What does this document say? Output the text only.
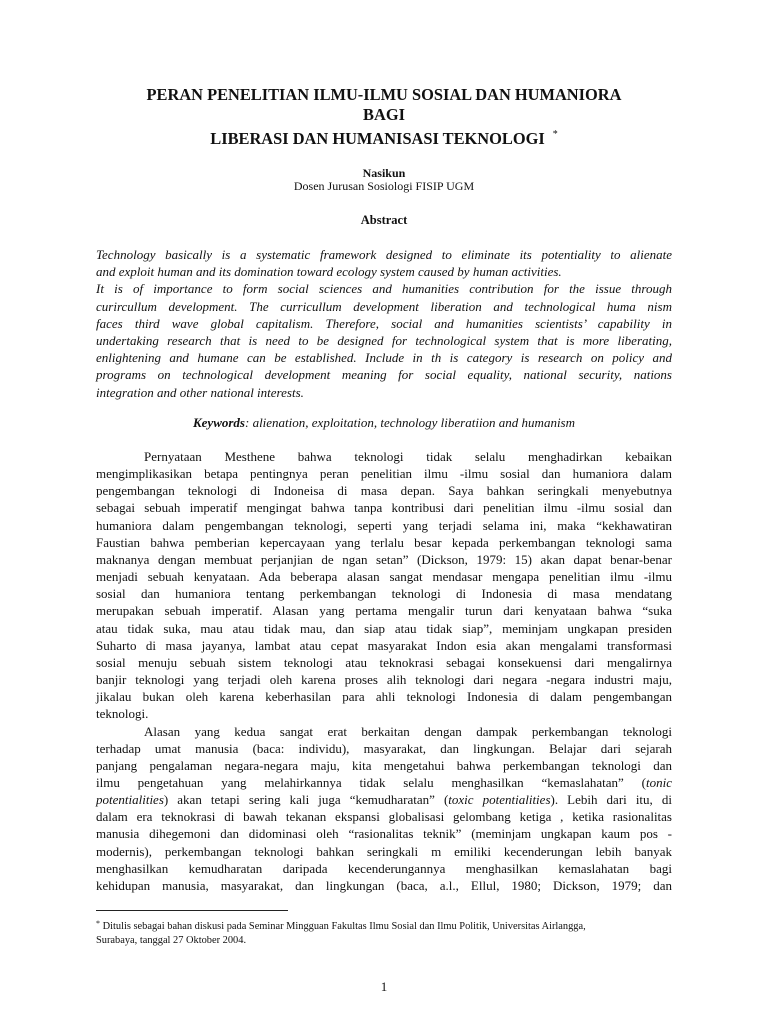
PERAN PENELITIAN ILMU-ILMU SOSIAL DAN HUMANIORA
BAGI
LIBERASI DAN HUMANISASI TEKNOLOGI *
Nasikun
Dosen Jurusan Sosiologi FISIP UGM
Abstract
Technology basically is a systematic framework designed to eliminate its potentiality to alienate
and exploit human and its domination toward ecology system caused by human activities.
It is of importance to form social sciences and humanities contribution for the issue through
curircullum development. The curricullum development liberation and technological huma nism
faces third wave global capitalism. Therefore, social and humanities scientists’ capability in
undertaking research that is need to be designed for technological system that is more liberating,
enlightening and humane can be established. Include in th is category is research on policy and
programs on technological development meaning for social equality, national security, nations
integration and other national interests.
Keywords: alienation, exploitation, technology liberatiion and humanism
Pernyataan Mesthene bahwa teknologi tidak selalu menghadirkan kebaikan
mengimplikasikan betapa pentingnya peran penelitian ilmu -ilmu sosial dan humaniora dalam
pengembangan teknologi di Indoneisa di masa depan. Saya bahkan seringkali menyebutnya
sebagai sebuah imperatif mengingat bahwa tanpa kontribusi dari penelitian ilmu -ilmu sosial dan
humaniora dalam pengembangan teknologi, seperti yang terjadi selama ini, maka “kekhawatiran
Faustian bahwa pemberian kepercayaan yang terlalu besar kepada perkembangan teknologi sama
maknanya dengan membuat perjanjian de ngan setan” (Dickson, 1979: 15) akan dapat benar-benar
menjadi sebuah kenyataan. Ada beberapa alasan sangat mendasar mengapa penelitian ilmu -ilmu
sosial dan humaniora tentang perkembangan teknologi di Indonesia di masa mendatang
merupakan sebuah imperatif. Alasan yang pertama mengalir turun dari kenyataan bahwa “suka
atau tidak suka, mau atau tidak mau, dan siap atau tidak siap”, meminjam ungkapan presiden
Suharto di masa jayanya, lambat atau cepat masyarakat Indon esia akan mengalami transformasi
sosial menuju sebuah sistem teknologi atau teknokrasi sebagai konsekuensi dari mengalirnya
banjir teknologi yang terjadi oleh karena proses alih teknologi dari negara -negara industri maju,
jikalau bukan oleh karena keberhasilan para ahli teknologi Indonesia di dalam pengembangan
teknologi.
Alasan yang kedua sangat erat berkaitan dengan dampak perkembangan teknologi
terhadap umat manusia (baca: individu), masyarakat, dan lingkungan. Belajar dari sejarah
panjang pengalaman negara-negara maju, kita mengetahui bahwa perkembangan teknologi dan
ilmu pengetahuan yang melahirkannya tidak selalu menghasilkan “kemaslahatan” (tonic
potentialities) akan tetapi sering kali juga “kemudharatan” (toxic potentialities). Lebih dari itu, di
dalam era teknokrasi di bawah tekanan ekspansi globalisasi gelombang ketiga , ketika rasionalitas
manusia dihegemoni dan didominasi oleh “rasionalitas teknik” (meminjam ungkapan kaum pos -
modernis), perkembangan teknologi bahkan seringkali m emiliki kecenderungan lebih banyak
menghasilkan kemudharatan daripada kecenderungannya menghasilkan kemaslahatan bagi
kehidupan manusia, masyarakat, dan lingkungan (baca, a.l., Ellul, 1980; Dickson, 1979; dan
* Ditulis sebagai bahan diskusi pada Seminar Mingguan Fakultas Ilmu Sosial dan Ilmu Politik, Universitas Airlangga,
Surabaya, tanggal 27 Oktober 2004.
1
